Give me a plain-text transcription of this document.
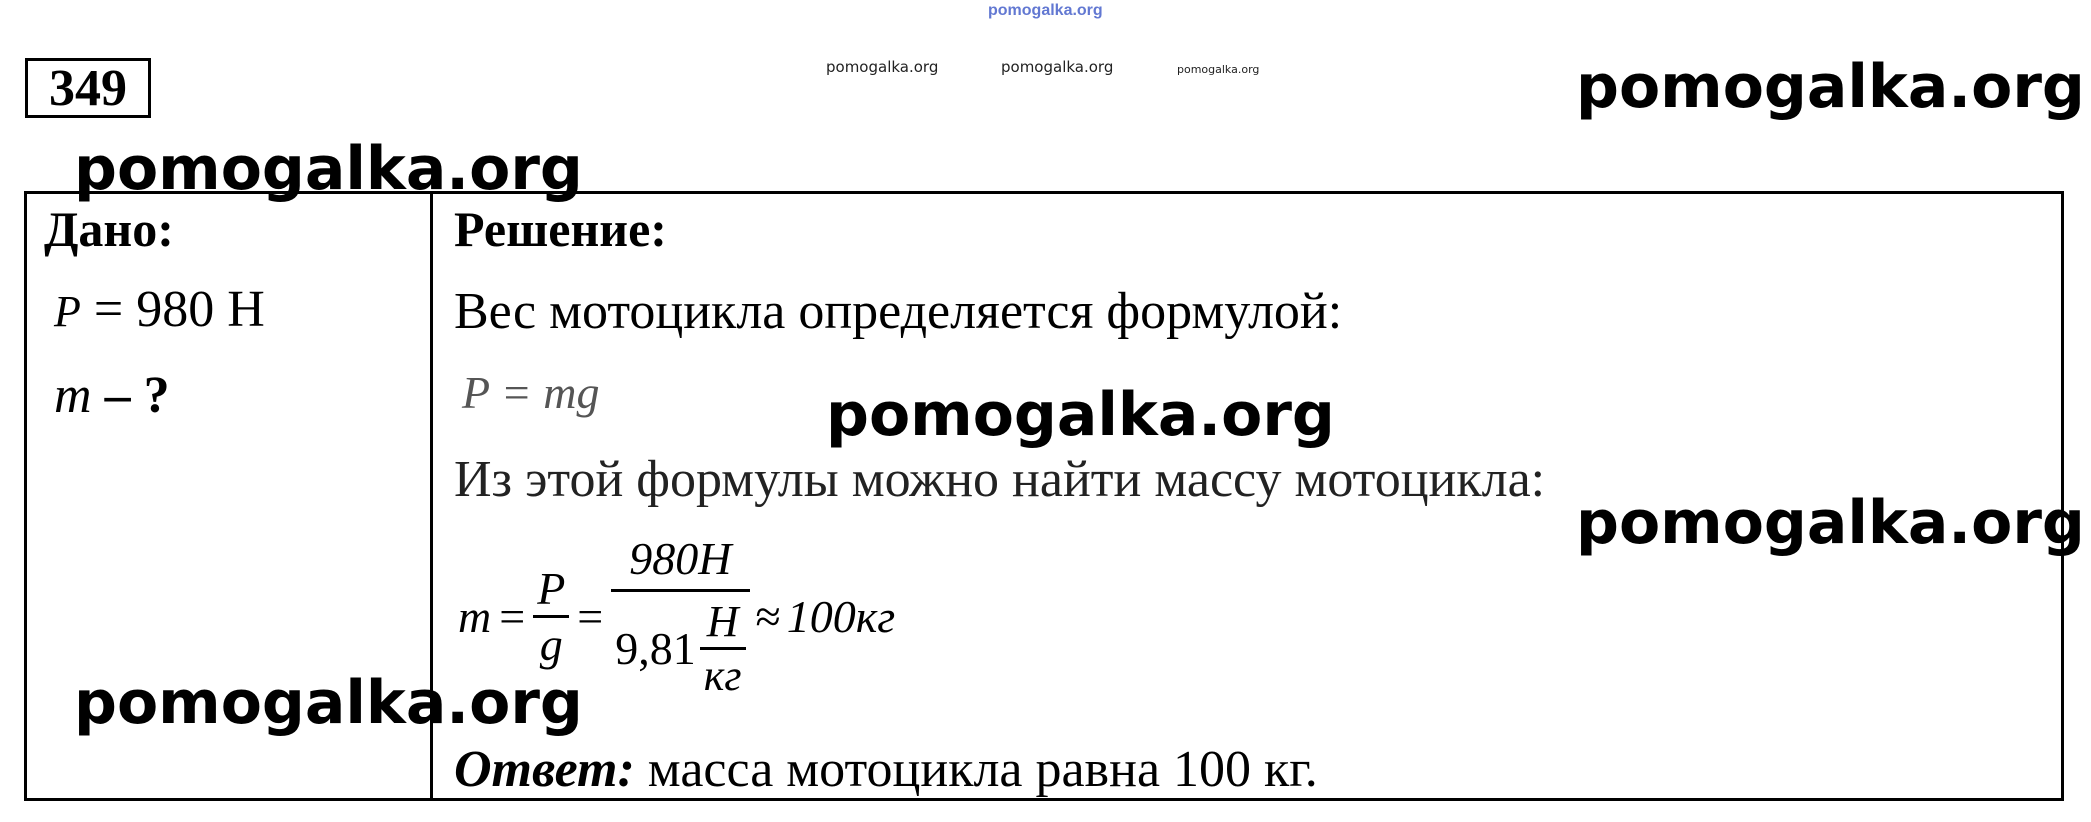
pomogalka.org
pomogalka.org	pomogalka.org	pomogalka.org
349
Дано:
P = 980 Н
m – ?
Решение:
Вес мотоцикла определяется формулой:
P = mg
Из этой формулы можно найти массу мотоцикла:
$m = \frac{P}{g} = \frac{980H}{9,81 \frac{H}{кг}} \approx 100кг$
Ответ: масса мотоцикла равна 100 кг.
pomogalka.org
pomogalka.org
pomogalka.org
pomogalka.org
pomogalka.org
